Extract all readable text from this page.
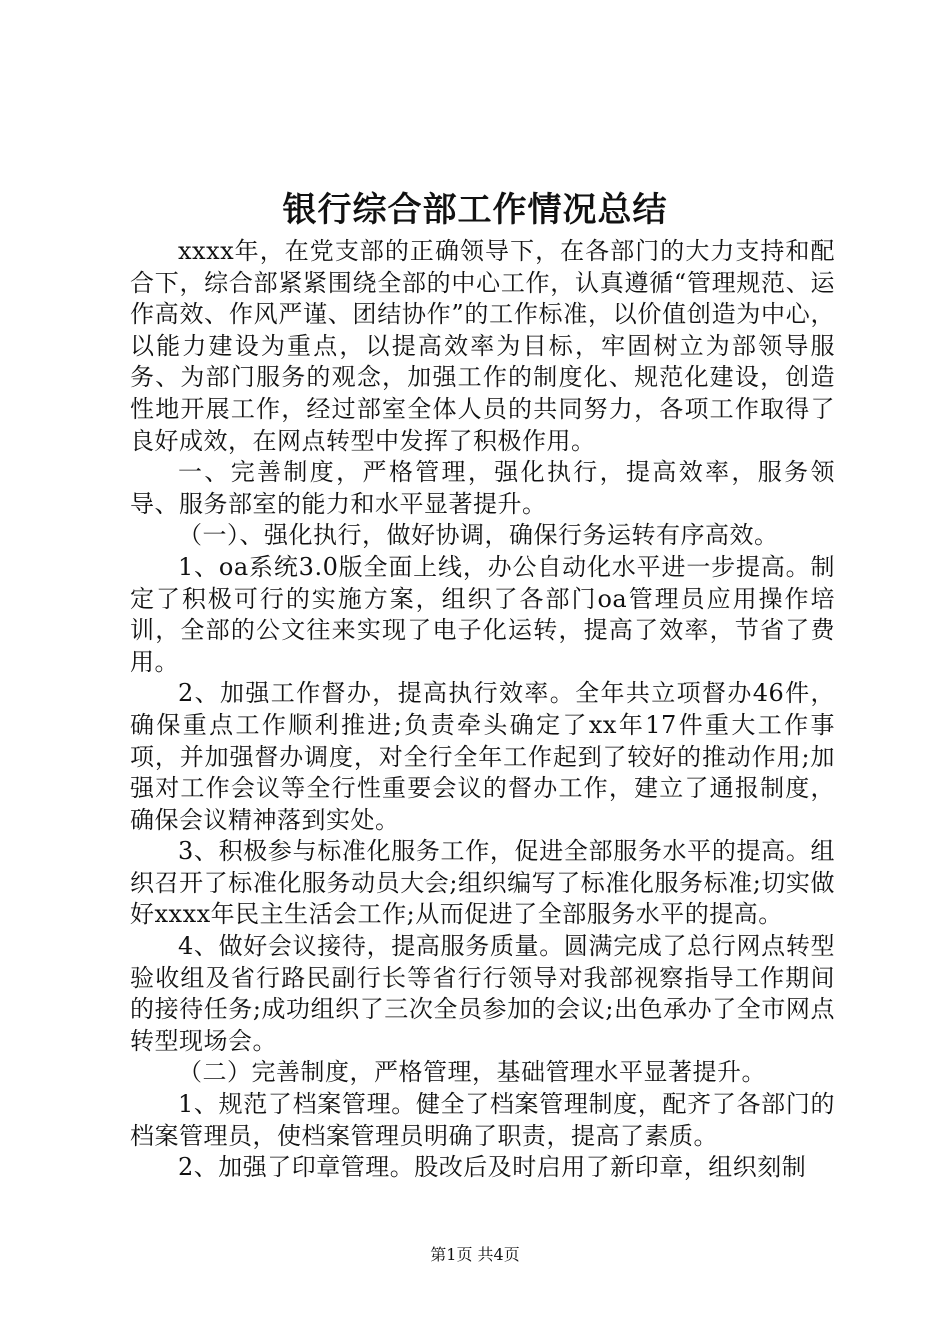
银行综合部工作情况总结

xxxx年，在党支部的正确领导下，在各部门的大力支持和配合下，综合部紧紧围绕全部的中心工作，认真遵循“管理规范、运作高效、作风严谨、团结协作”的工作标准，以价值创造为中心，以能力建设为重点，以提高效率为目标，牢固树立为部领导服务、为部门服务的观念，加强工作的制度化、规范化建设，创造性地开展工作，经过部室全体人员的共同努力，各项工作取得了良好成效，在网点转型中发挥了积极作用。

一、完善制度，严格管理，强化执行，提高效率，服务领导、服务部室的能力和水平显著提升。

（一）、强化执行，做好协调，确保行务运转有序高效。

1、oa系统3.0版全面上线，办公自动化水平进一步提高。制定了积极可行的实施方案，组织了各部门oa管理员应用操作培训，全部的公文往来实现了电子化运转，提高了效率，节省了费用。

2、加强工作督办，提高执行效率。全年共立项督办46件，确保重点工作顺利推进;负责牵头确定了xx年17件重大工作事项，并加强督办调度，对全行全年工作起到了较好的推动作用;加强对工作会议等全行性重要会议的督办工作，建立了通报制度，确保会议精神落到实处。

3、积极参与标准化服务工作，促进全部服务水平的提高。组织召开了标准化服务动员大会;组织编写了标准化服务标准;切实做好xxxx年民主生活会工作;从而促进了全部服务水平的提高。

4、做好会议接待，提高服务质量。圆满完成了总行网点转型验收组及省行路民副行长等省行行领导对我部视察指导工作期间的接待任务;成功组织了三次全员参加的会议;出色承办了全市网点转型现场会。

（二）完善制度，严格管理，基础管理水平显著提升。

1、规范了档案管理。健全了档案管理制度，配齐了各部门的档案管理员，使档案管理员明确了职责，提高了素质。

2、加强了印章管理。股改后及时启用了新印章，组织刻制

第1页 共4页
